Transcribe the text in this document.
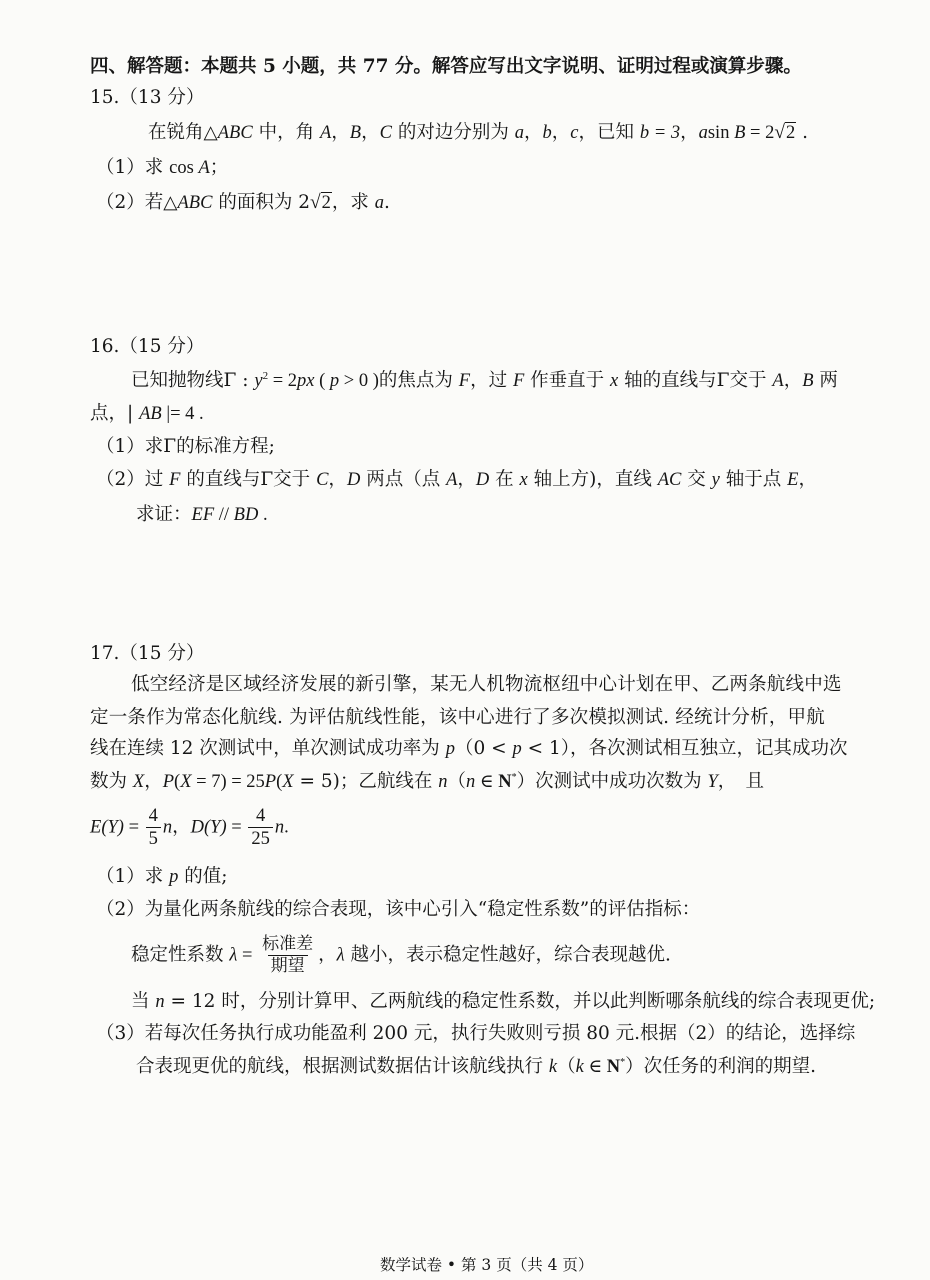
四、解答题：本题共 5 小题，共 77 分。解答应写出文字说明、证明过程或演算步骤。
15.（13 分）
在锐角△ABC 中，角 A，B，C 的对边分别为 a，b，c，已知 b = 3，asin B = 2√2 .
（1）求 cos A；
（2）若△ABC 的面积为 2√2，求 a.
16.（15 分）
已知抛物线Γ : $y^2 = 2px$ ( p > 0 )的焦点为 F，过 F 作垂直于 x 轴的直线与Γ交于 A，B 两
点，| AB |= 4 .
（1）求Γ的标准方程;
（2）过 F 的直线与Γ交于 C，D 两点（点 A，D 在 x 轴上方)，直线 AC 交 y 轴于点 E，
求证：EF // BD .
17.（15 分）
低空经济是区域经济发展的新引擎，某无人机物流枢纽中心计划在甲、乙两条航线中选
定一条作为常态化航线. 为评估航线性能，该中心进行了多次模拟测试. 经统计分析，甲航
线在连续 12 次测试中，单次测试成功率为 p（0 < p < 1），各次测试相互独立，记其成功次
数为 X，P(X = 7) = 25P(X = 5)；乙航线在 n（n ∈ N*）次测试中成功次数为 Y，　且
$E(Y) = \frac{4}{5}$ n，$D(Y) = \frac{4}{25} n$.
（1）求 p 的值;
（2）为量化两条航线的综合表现，该中心引入“稳定性系数”的评估指标：
稳定性系数 $\lambda = \frac{\text{标准差}}{\text{期望}}$ ，λ 越小，表示稳定性越好，综合表现越优.
当 n = 12 时，分别计算甲、乙两航线的稳定性系数，并以此判断哪条航线的综合表现更优;
（3）若每次任务执行成功能盈利 200 元，执行失败则亏损 80 元.根据（2）的结论，选择综
合表现更优的航线，根据测试数据估计该航线执行 k（k ∈ N*）次任务的利润的期望.
数学试卷 • 第 3 页（共 4 页）
